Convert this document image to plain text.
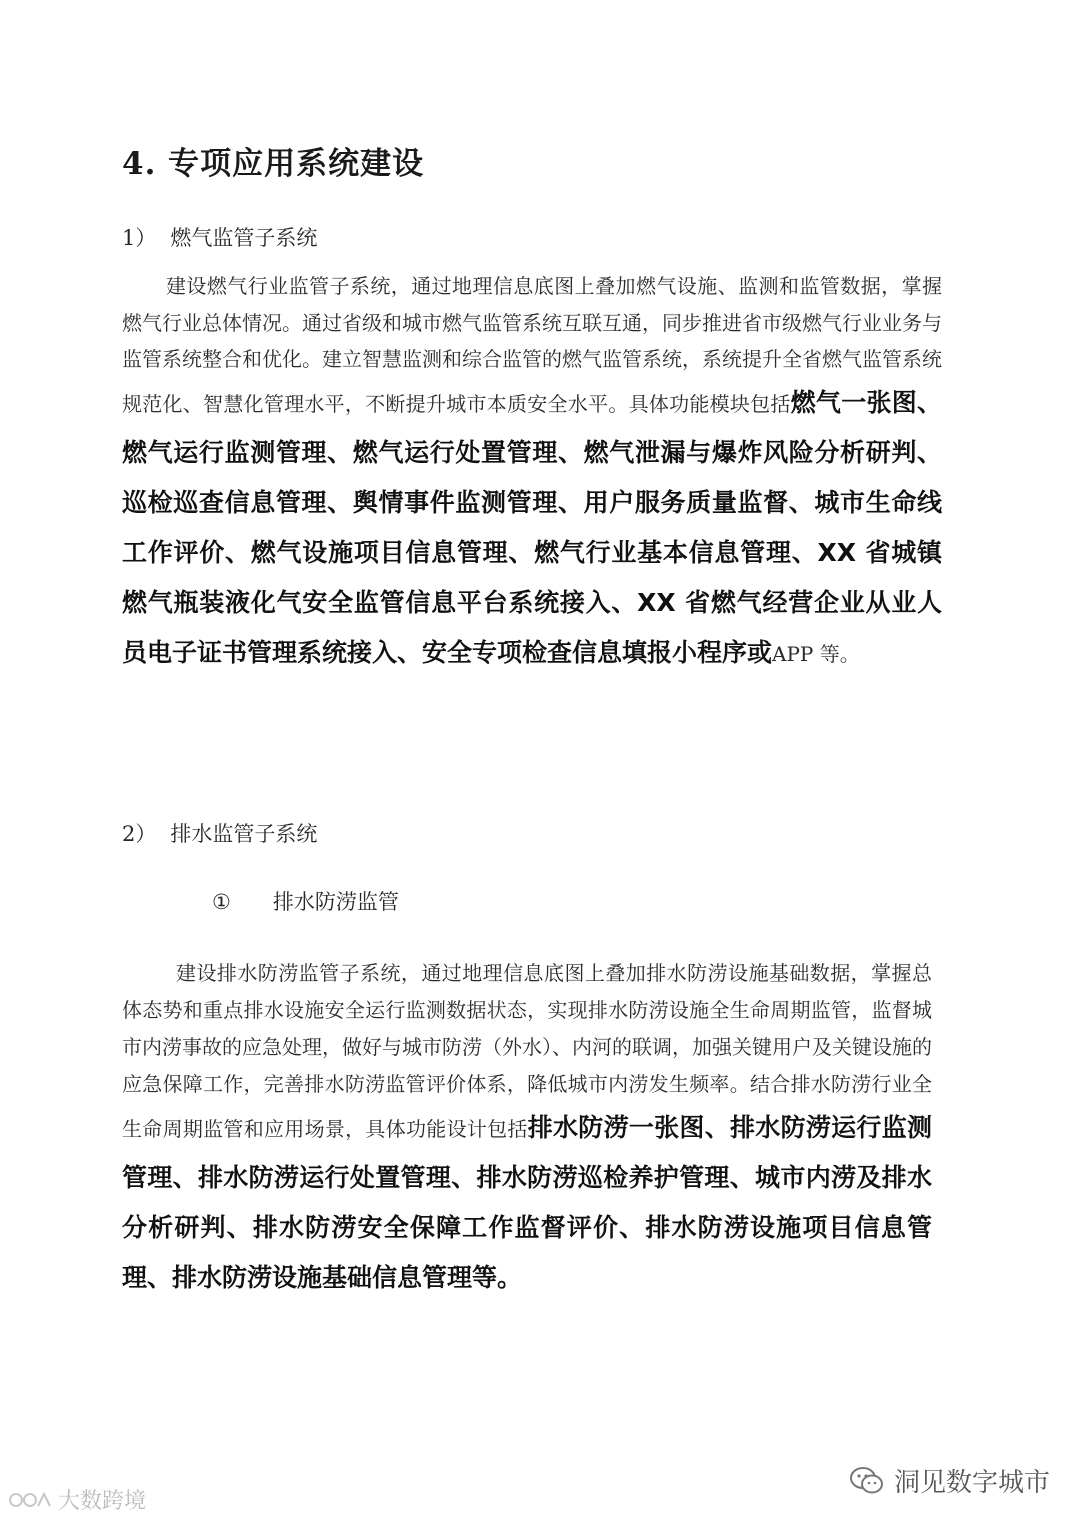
4. 专项应用系统建设

1） 燃气监管子系统

建设燃气行业监管子系统，通过地理信息底图上叠加燃气设施、监测和监管数据，掌握燃气行业总体情况。通过省级和城市燃气监管系统互联互通，同步推进省市级燃气行业业务与监管系统整合和优化。建立智慧监测和综合监管的燃气监管系统，系统提升全省燃气监管系统规范化、智慧化管理水平，不断提升城市本质安全水平。具体功能模块包括燃气一张图、燃气运行监测管理、燃气运行处置管理、燃气泄漏与爆炸风险分析研判、巡检巡查信息管理、舆情事件监测管理、用户服务质量监督、城市生命线工作评价、燃气设施项目信息管理、燃气行业基本信息管理、XX 省城镇燃气瓶装液化气安全监管信息平台系统接入、XX 省燃气经营企业从业人员电子证书管理系统接入、安全专项检查信息填报小程序或APP 等。

2） 排水监管子系统

① 排水防涝监管

建设排水防涝监管子系统，通过地理信息底图上叠加排水防涝设施基础数据，掌握总体态势和重点排水设施安全运行监测数据状态，实现排水防涝设施全生命周期监管，监督城市内涝事故的应急处理，做好与城市防涝（外水）、内河的联调，加强关键用户及关键设施的应急保障工作，完善排水防涝监管评价体系，降低城市内涝发生频率。结合排水防涝行业全生命周期监管和应用场景，具体功能设计包括排水防涝一张图、排水防涝运行监测管理、排水防涝运行处置管理、排水防涝巡检养护管理、城市内涝及排水分析研判、排水防涝安全保障工作监督评价、排水防涝设施项目信息管理、排水防涝设施基础信息管理等。

洞见数字城市
大数跨境
